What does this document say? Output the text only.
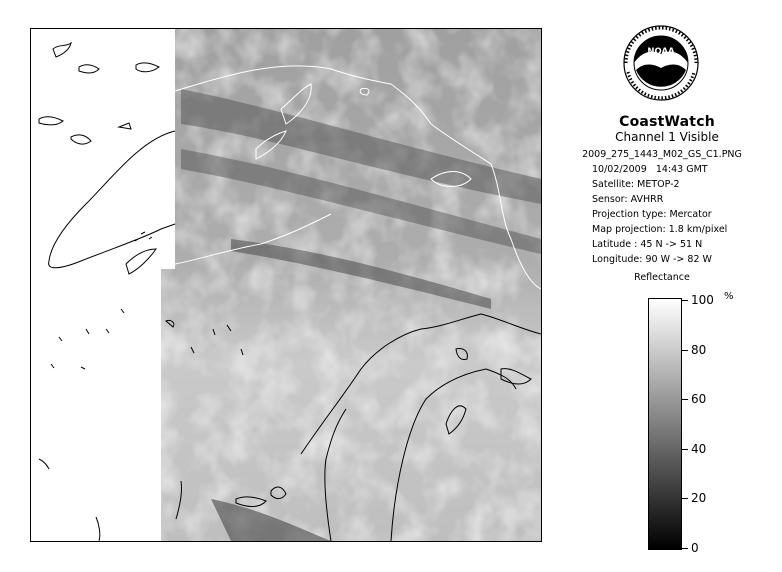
NOAA
CoastWatch
Channel 1 Visible
2009_275_1443_M02_GS_C1.PNG
10/02/2009 14:43 GMT
Satellite: METOP-2
Sensor: AVHRR
Projection type: Mercator
Map projection: 1.8 km/pixel
Latitude : 45 N -> 51 N
Longitude: 90 W -> 82 W
Reflectance
%
100
80
60
40
20
0
